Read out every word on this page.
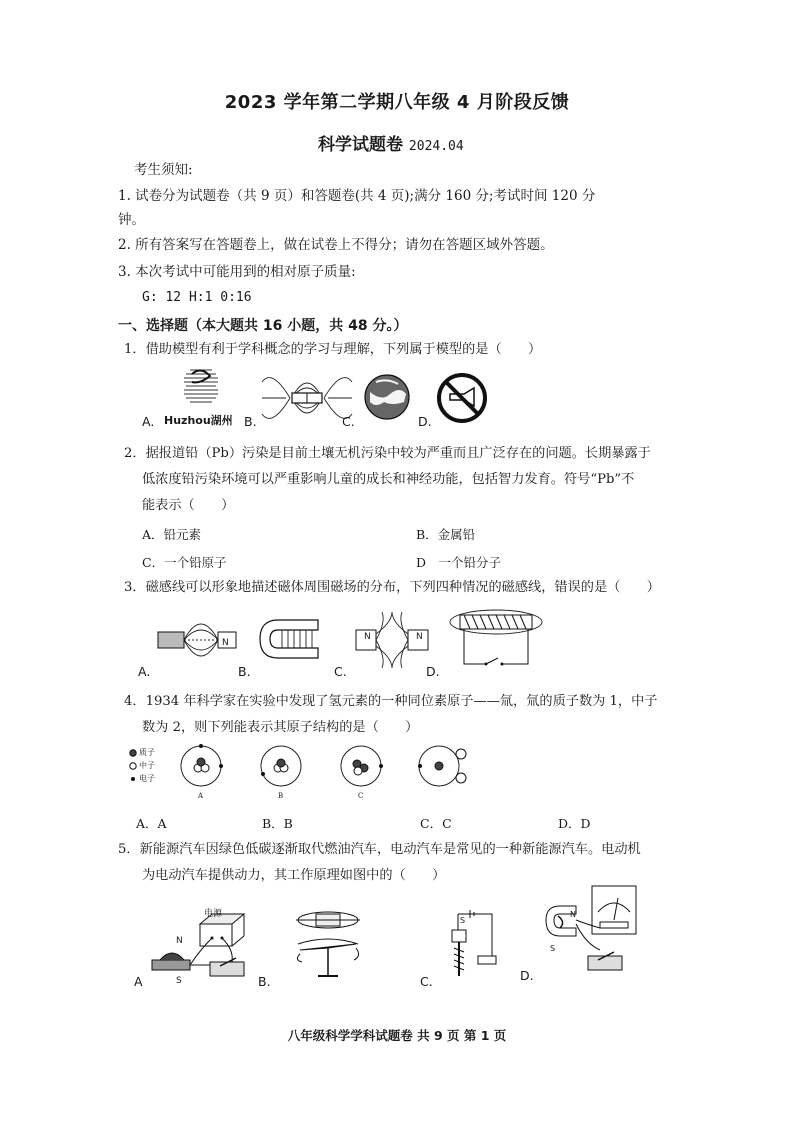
2023 学年第二学期八年级 4 月阶段反馈
科学试题卷 2024.04
考生须知:
1. 试卷分为试题卷（共 9 页）和答题卷(共 4 页);满分 160 分;考试时间 120 分
钟。
2. 所有答案写在答题卷上，做在试卷上不得分；请勿在答题区域外答题。
3. 本次考试中可能用到的相对原子质量:
G: 12 H:1 0:16
一、选择题（本大题共 16 小题，共 48 分。）
1．借助模型有利于学科概念的学习与理解，下列属于模型的是（　　）
A. Huzhou湖州 B.	C.	D.
2．据报道铅（Pb）污染是目前土壤无机污染中较为严重而且广泛存在的问题。长期暴露于
低浓度铅污染环境可以严重影响儿童的成长和神经功能，包括智力发育。符号“Pb”不
能表示（　　）
A．铅元素	B．金属铅
C．一个铅原子	D　一个铅分子
3．磁感线可以形象地描述磁体周围磁场的分布，下列四种情况的磁感线，错误的是（　　）
N
A.	B.
N	N
C.	D.
4．1934 年科学家在实验中发现了氢元素的一种同位素原子——氚，氚的质子数为 1，中子
数为 2，则下列能表示其原子结构的是（　　）
质子
中子
电子
A	B	C
A．A	B．B	C．C	D．D
5．新能源汽车因绿色低碳逐渐取代燃油汽车，电动汽车是常见的一种新能源汽车。电动机
为电动汽车提供动力，其工作原理如图中的（　　）
电源
N
S
A	B.
S
C.
N
S
D.
八年级科学学科试题卷 共 9 页 第 1 页
